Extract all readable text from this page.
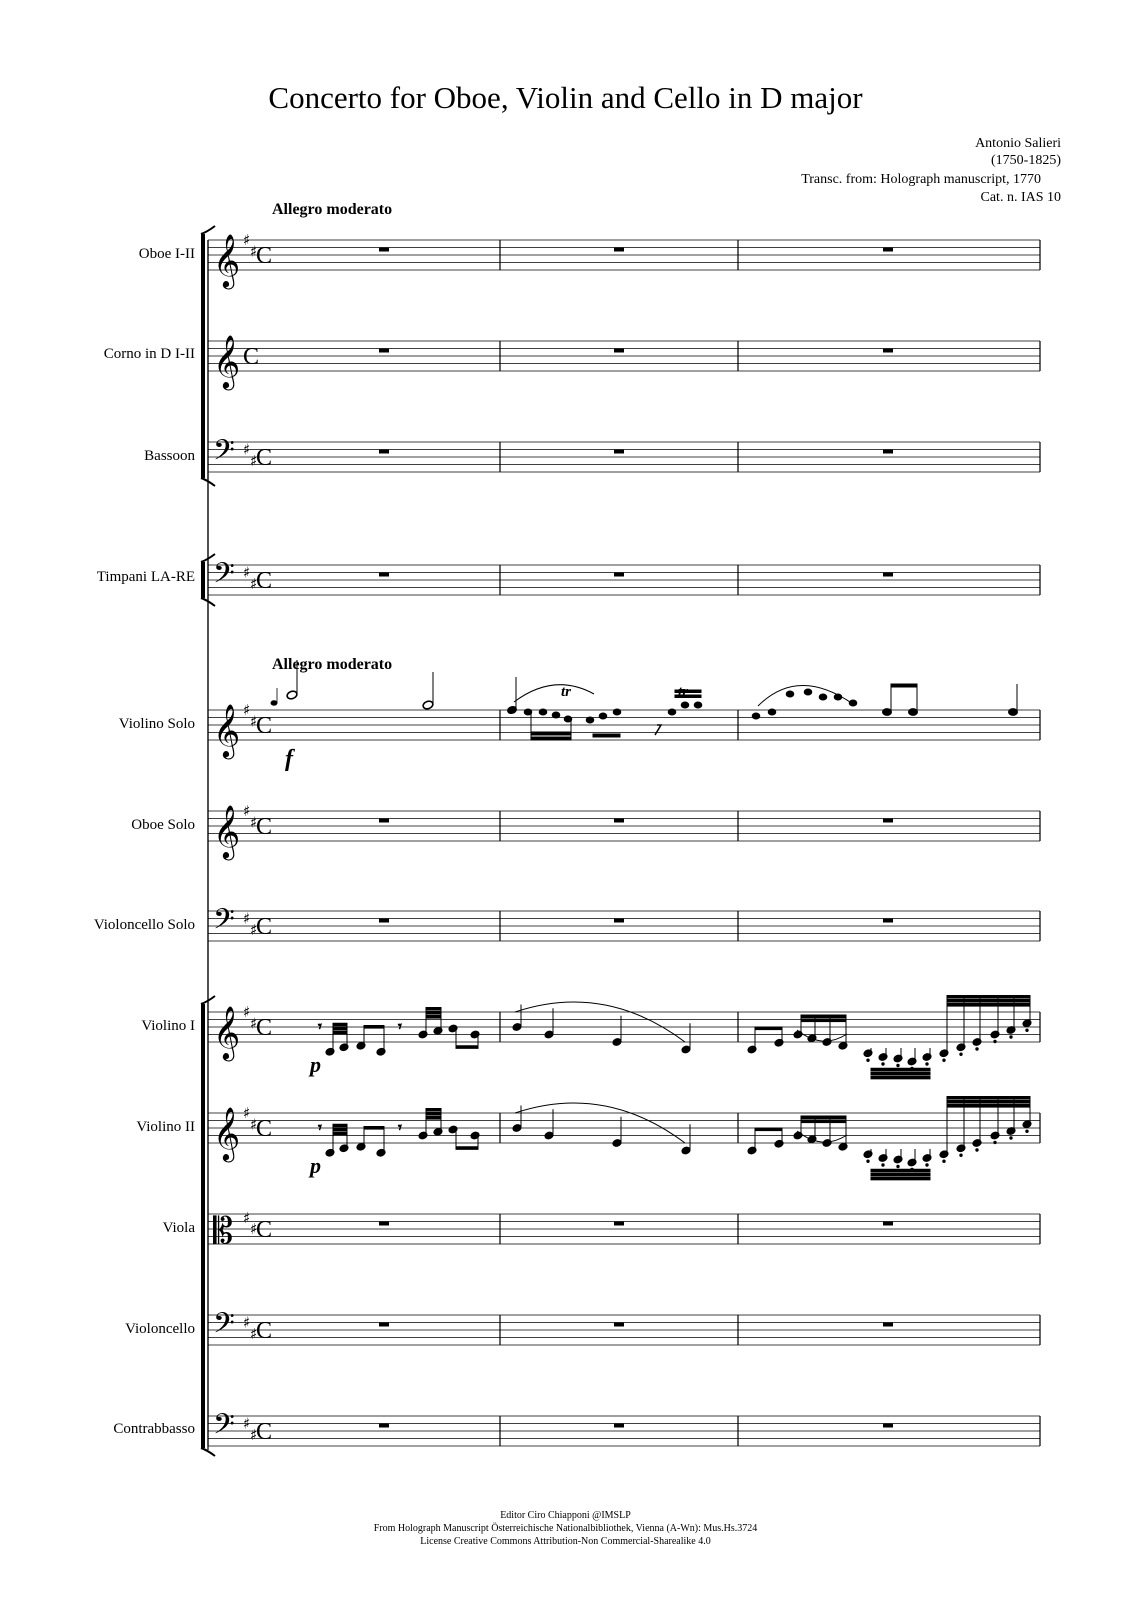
Concerto for Oboe, Violin and Cello in D major
Antonio Salieri
(1750-1825)
Transc. from: Holograph manuscript, 1770
Cat. n. IAS 10
Allegro moderato
Allegro moderato
Oboe I-II
Corno in D I-II
Bassoon
Timpani LA-RE
Violino Solo
Oboe Solo
Violoncello Solo
Violino I
Violino II
Viola
Violoncello
Contrabbasso
𝄞 ♯
♯
C
𝄞 C
𝄢 ♯
♯
C
𝄢 ♯
♯
C
𝄞 ♯
♯
C
𝄞 ♯
♯
C
𝄢 ♯
♯
C
𝄞 ♯
♯
C
𝄞 ♯
♯
C
𝄡 ♯
♯
C
𝄢 ♯
♯
C
𝄢 ♯
♯
C
tr	tr
f
𝄾	𝄾
𝄾	𝄾
p
p
Editor Ciro Chiapponi @IMSLP
From Holograph Manuscript Österreichische Nationalbibliothek, Vienna (A-Wn): Mus.Hs.3724
License Creative Commons Attribution-Non Commercial-Sharealike 4.0
